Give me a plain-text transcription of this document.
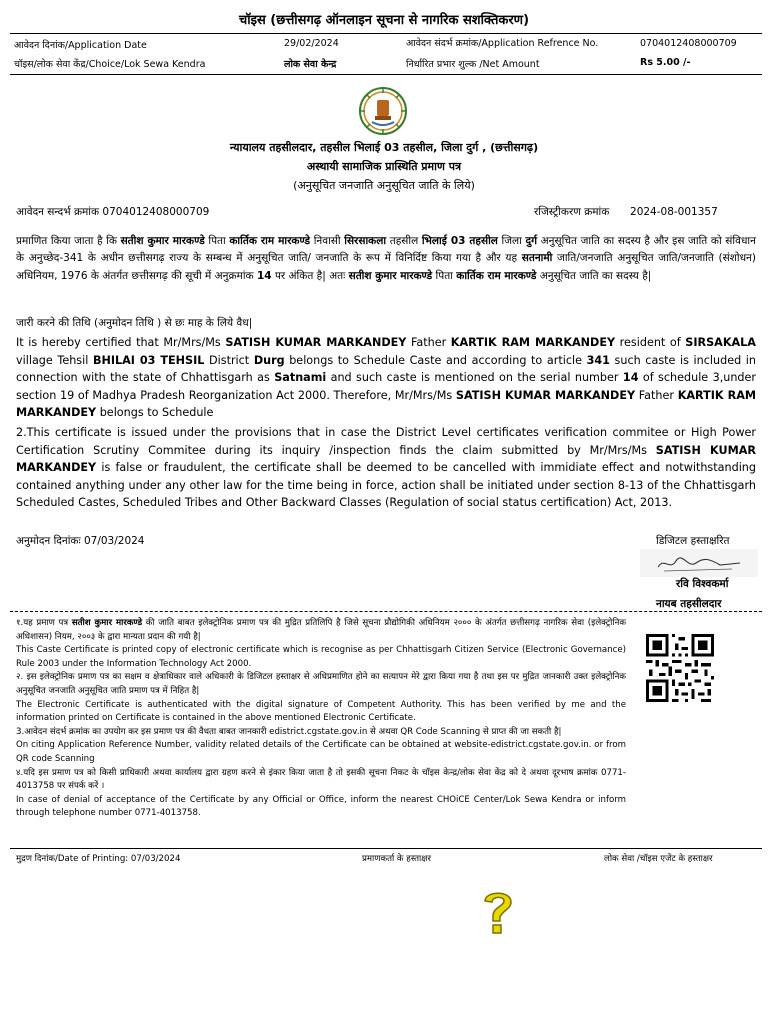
चॉइस (छत्तीसगढ़ ऑनलाइन सूचना से नागरिक सशक्तिकरण)
आवेदन दिनांक/Application Date	29/02/2024	आवेदन संदर्भ क्रमांक/Application Refrence No.	070401240800070​9
चॉइस/लोक सेवा केंद्र/Choice/Lok Sewa Kendra	लोक सेवा केन्द्र	निर्धारित प्रभार शुल्क /Net Amount	Rs 5.00 /-
न्यायालय तहसीलदार, तहसील भिलाई 03 तहसील, जिला दुर्ग , (छत्तीसगढ़)
अस्थायी सामाजिक प्रास्थिति प्रमाण पत्र
(अनुसूचित जनजाति अनुसूचित जाति के लिये)
आवेदन सन्दर्भ क्रमांक 0704012408000709	रजिस्ट्रीकरण क्रमांक 2024-08-001357
प्रमाणित किया जाता है कि सतीश कुमार मारकण्डे पिता कार्तिक राम मारकण्डे निवासी सिरसाकला तहसील भिलाई 03 तहसील जिला दुर्ग अनुसूचित जाति का सदस्य है और इस जाति को संविधान के अनुच्छेद-341 के अधीन छत्तीसगढ़ राज्य के सम्बन्ध में अनुसूचित जाति/ जनजाति के रूप में विनिर्दिष्ट किया गया है और यह सतनामी जाति/जनजाति अनुसूचित जाति/जनजाति (संशोधन) अधिनियम, 1976 के अंतर्गत छत्तीसगढ़ की सूची में अनुक्रमांक 14 पर अंकित है| अतः सतीश कुमार मारकण्डे पिता कार्तिक राम मारकण्डे अनुसूचित जाति का सदस्य है|
जारी करने की तिथि (अनुमोदन तिथि ) से छः माह के लिये वैध|
It is hereby certified that Mr/Mrs/Ms SATISH KUMAR MARKANDEY Father KARTIK RAM MARKANDEY resident of SIRSAKALA village Tehsil BHILAI 03 TEHSIL District Durg belongs to Schedule Caste and according to article 341 such caste is included in connection with the state of Chhattisgarh as Satnami and such caste is mentioned on the serial number 14 of schedule 3,under section 19 of Madhya Pradesh Reorganization Act 2000. Therefore, Mr/Mrs/Ms SATISH KUMAR MARKANDEY Father KARTIK RAM MARKANDEY belongs to Schedule
2.This certificate is issued under the provisions that in case the District Level certificates verification commitee or High Power Certification Scrutiny Commitee during its inquiry /inspection finds the claim submitted by Mr/Mrs/Ms SATISH KUMAR MARKANDEY is false or fraudulent, the certificate shall be deemed to be cancelled with immidiate effect and notwithstanding contained anything under any other law for the time being in force, action shall be initiated under section 8-13 of the Chhattisgarh Scheduled Castes, Scheduled Tribes and Other Backward Classes (Regulation of social status certification) Act, 2013.
अनुमोदन दिनांकः 07/03/2024	डिजिटल हस्ताक्षरित
रवि विश्वकर्मा
नायब तहसीलदार
१.यह प्रमाण पत्र सतीश कुमार मारकण्डे की जाति बाबत इलेक्ट्रोनिक प्रमाण पत्र की मुद्रित प्रतिलिपि है जिसे सूचना प्रौद्योगिकी अधिनियम २००० के अंतर्गत छत्तीसगढ़ नागरिक सेवा (इलेक्ट्रोनिक अधिशासन) नियम, २००३ के द्वारा मान्यता प्रदान की गयी है|
This Caste Certificate is printed copy of electronic certificate which is recognise as per Chhattisgarh Citizen Service (Electronic Governance) Rule 2003 under the Information Technology Act 2000.
२. इस इलेक्ट्रोनिक प्रमाण पत्र का सक्षम व क्षेत्राधिकार वाले अधिकारी के डिजिटल हस्ताक्षर से अधिप्रमाणित होने का सत्यापन मेरे द्वारा किया गया है तथा इस पर मुद्रित जानकारी उक्त इलेक्ट्रोनिक अनुसूचित जनजाति अनुसूचित जाति प्रमाण पत्र में निहित है|
The Electronic Certificate is authenticated with the digital signature of Competent Authority. This has been verified by me and the information printed on Certificate is contained in the above mentioned Electronic Certificate.
3.आवेदन संदर्भ क्रमांक का उपयोग कर इस प्रमाण पत्र की वैधता बाबत जानकारी edistrict.cgstate.gov.in से अथवा QR Code Scanning से प्राप्त की जा सकती है|
On citing Application Reference Number, validity related details of the Certificate can be obtained at website-edistrict.cgstate.gov.in. or from QR code Scanning
४.यदि इस प्रमाण पत्र को किसी प्राधिकारी अथवा कार्यालय द्वारा ग्रहण करने से इंकार किया जाता है तो इसकी सूचना निकट के चॉइस केन्द्र/लोक सेवा केंद्र को दे अथवा दूरभाष क्रमांक 0771-4013758 पर संपर्क करें ।
In case of denial of acceptance of the Certificate by any Official or Office, inform the nearest CHOiCE Center/Lok Sewa Kendra or inform through telephone number 0771-4013758.
मुद्रण दिनांक/Date of Printing: 07/03/2024	प्रमाणकर्ता के हस्ताक्षर	लोक सेवा /चॉइस एजेंट के हस्ताक्षर
